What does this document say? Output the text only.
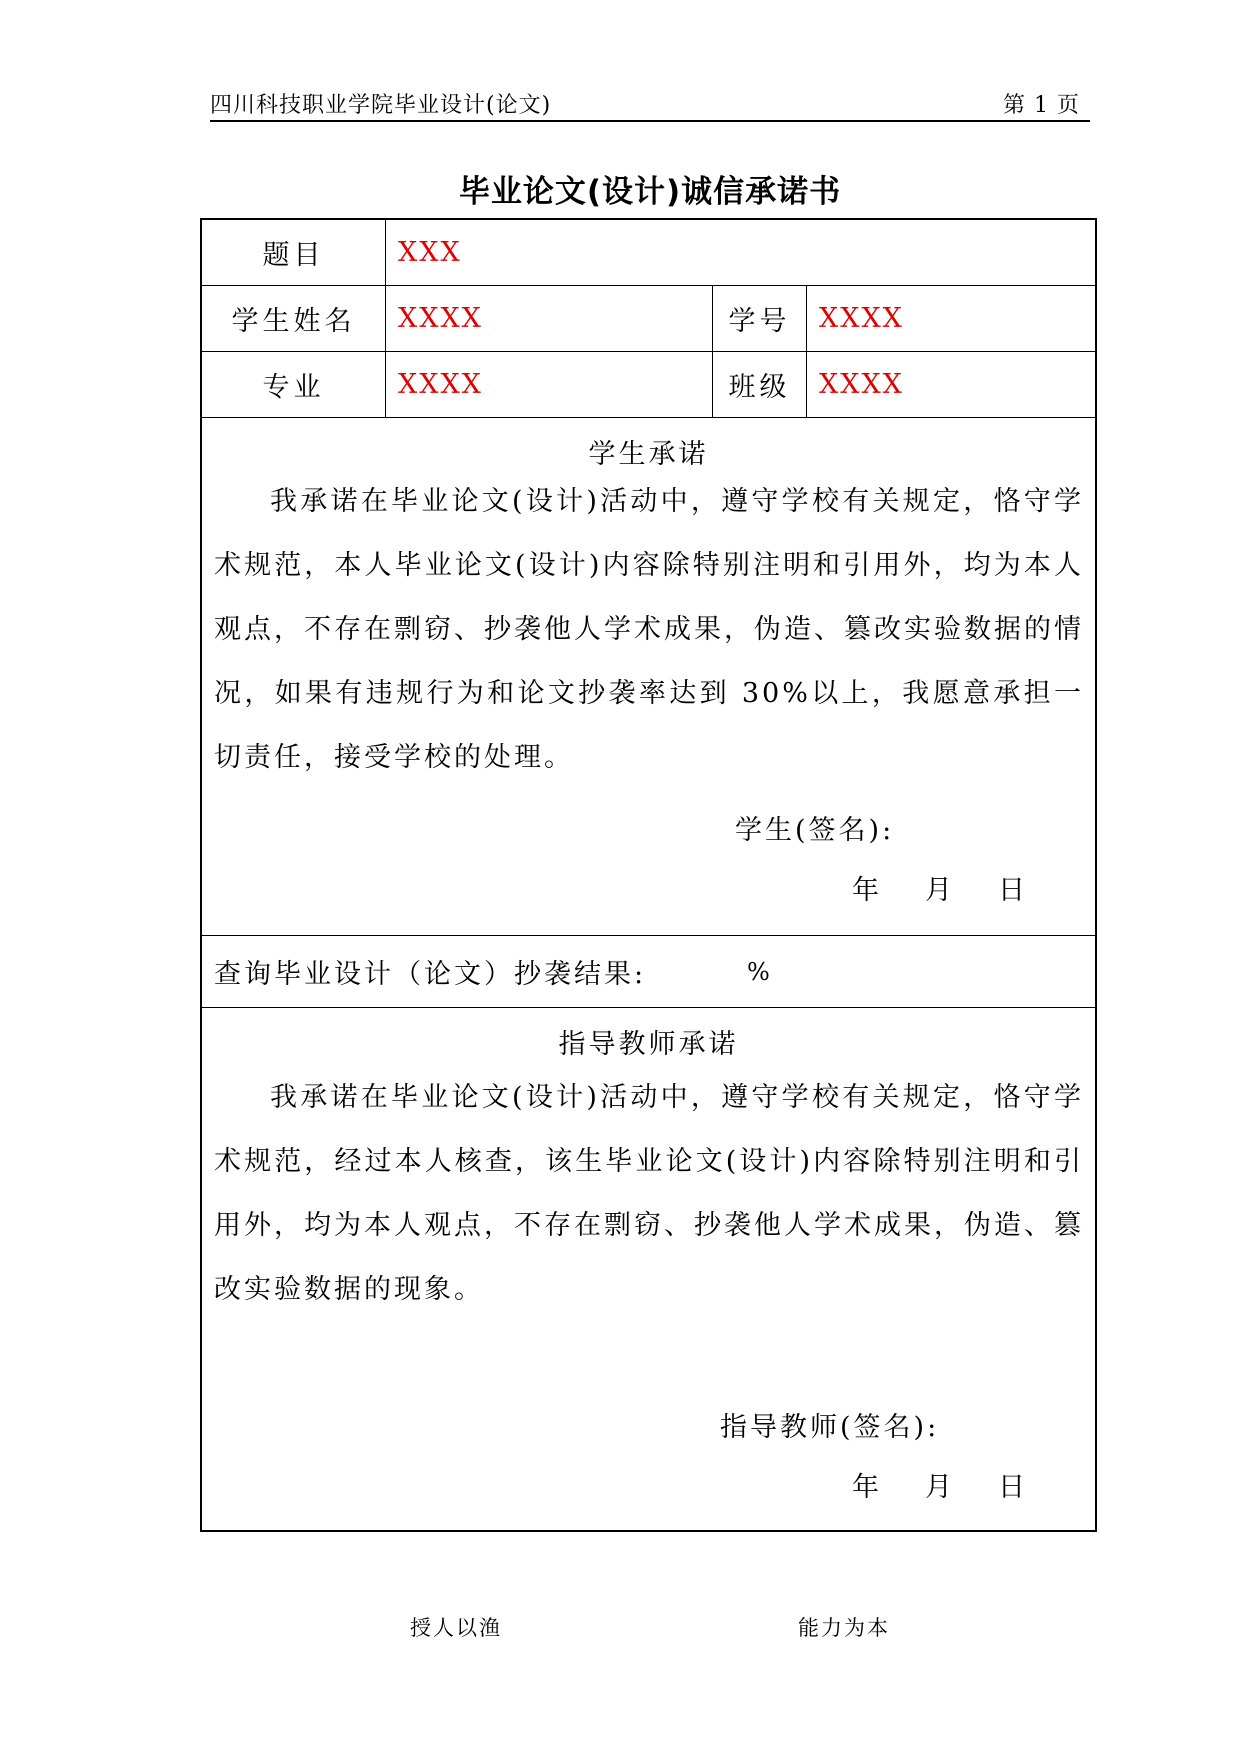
四川科技职业学院毕业设计(论文)	第 1 页
毕业论文(设计)诚信承诺书
题目	XXX
学生姓名	XXXX	学号	XXXX
专业	XXXX	班级	XXXX
学生承诺

我承诺在毕业论文(设计)活动中，遵守学校有关规定，恪守学术规范，本人毕业论文(设计)内容除特别注明和引用外，均为本人观点，不存在剽窃、抄袭他人学术成果，伪造、篡改实验数据的情况，如果有违规行为和论文抄袭率达到 30%以上，我愿意承担一切责任，接受学校的处理。

学生(签名):
年 月 日
查询毕业设计（论文）抄袭结果:	%
指导教师承诺

我承诺在毕业论文(设计)活动中，遵守学校有关规定，恪守学术规范，经过本人核查，该生毕业论文(设计)内容除特别注明和引用外，均为本人观点，不存在剽窃、抄袭他人学术成果，伪造、篡改实验数据的现象。

指导教师(签名):
年 月 日
授人以渔	能力为本
